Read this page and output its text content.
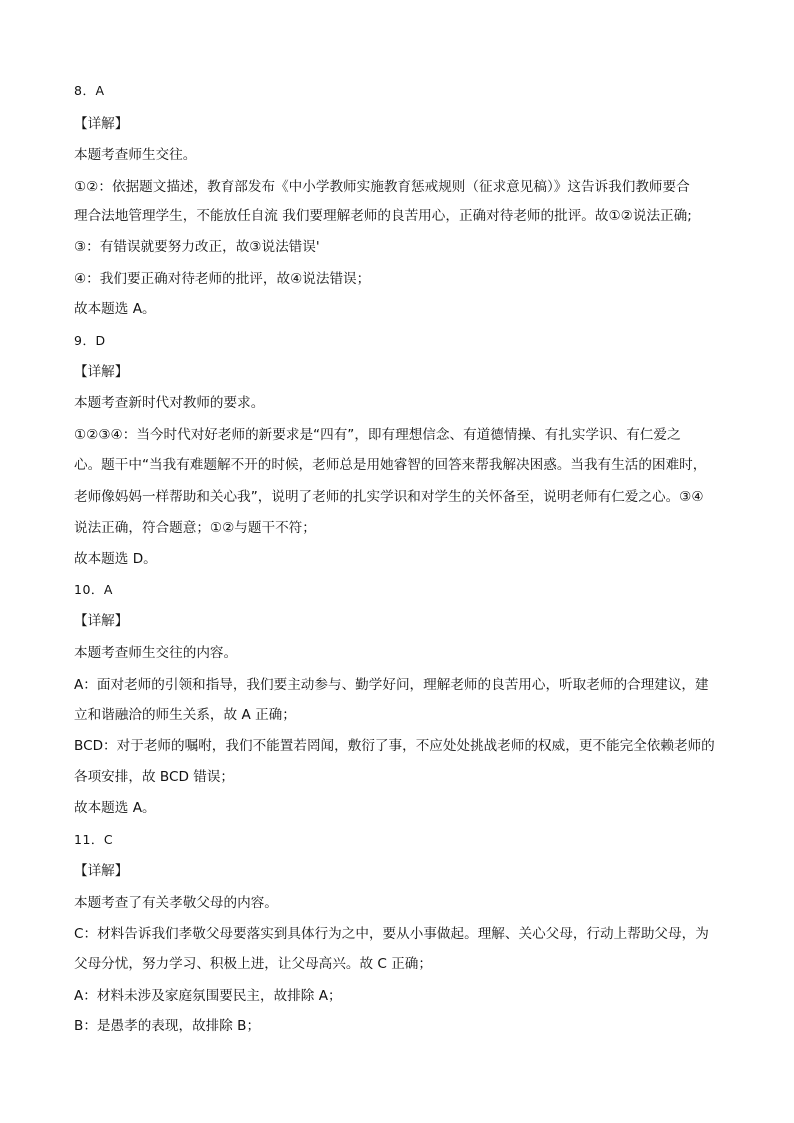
8．A
【详解】
本题考查师生交往。
①②：依据题文描述，教育部发布《中小学教师实施教育惩戒规则（征求意见稿）》这告诉我们教师要合
理合法地管理学生，不能放任自流 我们要理解老师的良苦用心，正确对待老师的批评。故①②说法正确;
③：有错误就要努力改正，故③说法错误'
④：我们要正确对待老师的批评，故④说法错误；
故本题选 A。
9．D
【详解】
本题考查新时代对教师的要求。
①②③④：当今时代对好老师的新要求是“四有”，即有理想信念、有道德情操、有扎实学识、有仁爱之
心。题干中“当我有难题解不开的时候，老师总是用她睿智的回答来帮我解决困惑。当我有生活的困难时，
老师像妈妈一样帮助和关心我”，说明了老师的扎实学识和对学生的关怀备至，说明老师有仁爱之心。③④
说法正确，符合题意；①②与题干不符；
故本题选 D。
10．A
【详解】
本题考查师生交往的内容。
A：面对老师的引领和指导，我们要主动参与、勤学好问，理解老师的良苦用心，听取老师的合理建议，建
立和谐融洽的师生关系，故 A 正确；
BCD：对于老师的嘱咐，我们不能置若罔闻，敷衍了事，不应处处挑战老师的权威，更不能完全依赖老师的
各项安排，故 BCD 错误；
故本题选 A。
11．C
【详解】
本题考查了有关孝敬父母的内容。
C：材料告诉我们孝敬父母要落实到具体行为之中，要从小事做起。理解、关心父母，行动上帮助父母，为
父母分忧，努力学习、积极上进，让父母高兴。故 C 正确；
A：材料未涉及家庭氛围要民主，故排除 A；
B：是愚孝的表现，故排除 B；
